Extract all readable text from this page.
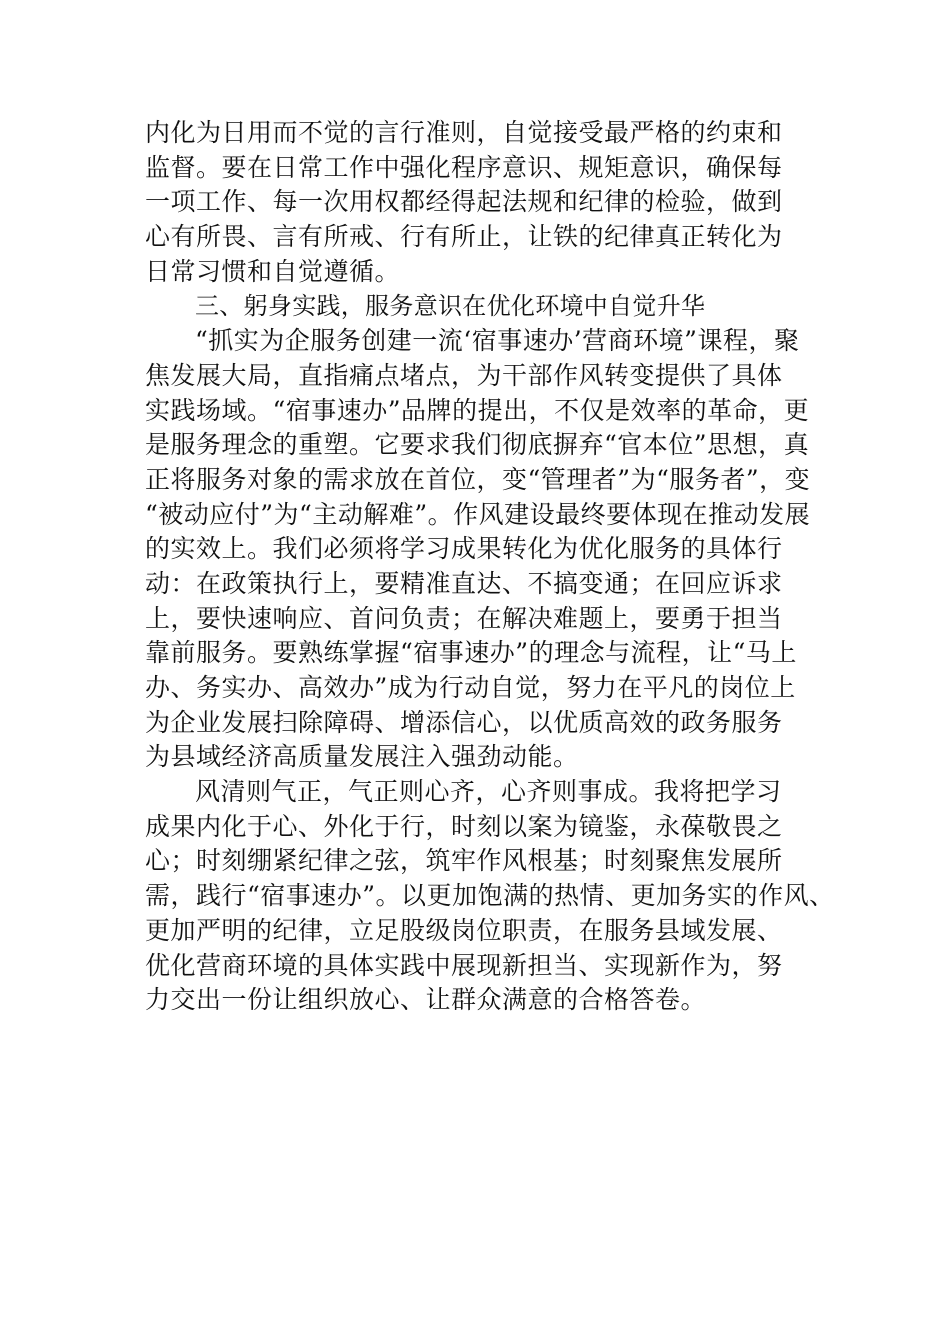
内化为日用而不觉的言行准则，自觉接受最严格的约束和
监督。要在日常工作中强化程序意识、规矩意识，确保每
一项工作、每一次用权都经得起法规和纪律的检验，做到
心有所畏、言有所戒、行有所止，让铁的纪律真正转化为
日常习惯和自觉遵循。
三、躬身实践，服务意识在优化环境中自觉升华
“抓实为企服务创建一流‘宿事速办’营商环境”课程，聚
焦发展大局，直指痛点堵点，为干部作风转变提供了具体
实践场域。“宿事速办”品牌的提出，不仅是效率的革命，更
是服务理念的重塑。它要求我们彻底摒弃“官本位”思想，真
正将服务对象的需求放在首位，变“管理者”为“服务者”，变
“被动应付”为“主动解难”。作风建设最终要体现在推动发展
的实效上。我们必须将学习成果转化为优化服务的具体行
动：在政策执行上，要精准直达、不搞变通；在回应诉求
上，要快速响应、首问负责；在解决难题上，要勇于担当
靠前服务。要熟练掌握“宿事速办”的理念与流程，让“马上
办、务实办、高效办”成为行动自觉，努力在平凡的岗位上
为企业发展扫除障碍、增添信心，以优质高效的政务服务
为县域经济高质量发展注入强劲动能。
风清则气正，气正则心齐，心齐则事成。我将把学习
成果内化于心、外化于行，时刻以案为镜鉴，永葆敬畏之
心；时刻绷紧纪律之弦，筑牢作风根基；时刻聚焦发展所
需，践行“宿事速办”。以更加饱满的热情、更加务实的作风、
更加严明的纪律，立足股级岗位职责，在服务县域发展、
优化营商环境的具体实践中展现新担当、实现新作为，努
力交出一份让组织放心、让群众满意的合格答卷。
